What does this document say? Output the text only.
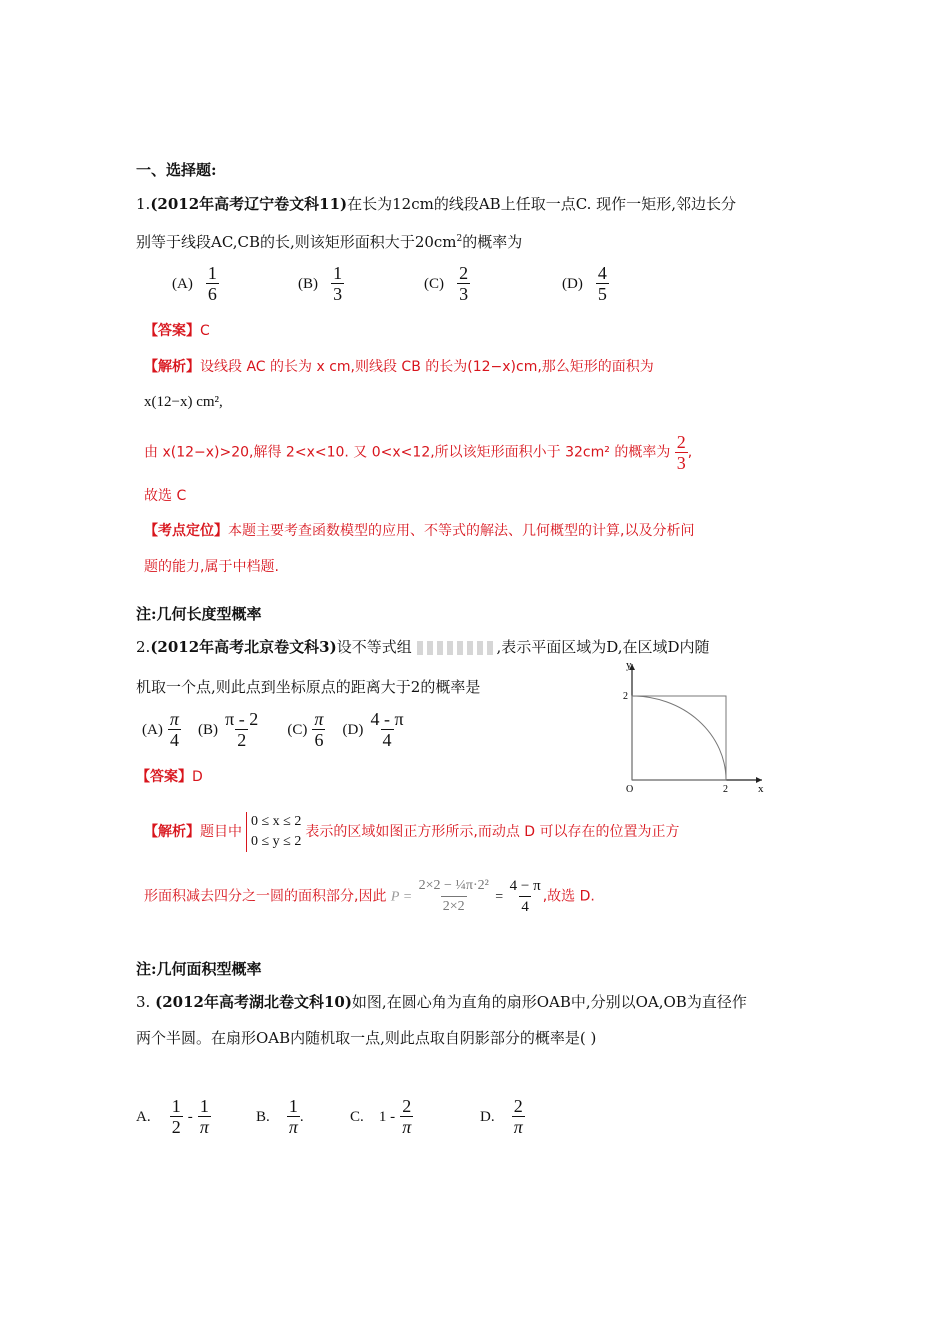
一、选择题:
1.(2012年高考辽宁卷文科11)在长为12cm的线段AB上任取一点C. 现作一矩形,邻边长分
别等于线段AC,CB的长,则该矩形面积大于$20cm^2$的概率为
$(A) \frac{1}{6}$	$(B) \frac{1}{3}$	$(C) \frac{2}{3}$	$(D) \frac{4}{5}$
【答案】C
【解析】设线段 AC 的长为 x cm,则线段 CB 的长为(12−x)cm,那么矩形的面积为
x(12−x) cm²,
由 x(12−x)>20,解得 2<x<10. 又 0<x<12,所以该矩形面积小于 32cm² 的概率为 $\frac{2}{3}$ ,
故选 C
【考点定位】本题主要考查函数模型的应用、不等式的解法、几何概型的计算,以及分析问
题的能力,属于中档题.
注:几何长度型概率
2.(2012年高考北京卷文科3)设不等式组	,表示平面区域为D,在区域D内随
机取一个点,则此点到坐标原点的距离大于2的概率是
$(A) \frac{\pi}{4} (B) \frac{\pi - 2}{2} (C) \frac{\pi}{6} (D) \frac{4 - \pi}{4}$
【答案】D
y
x
O
2
2
【解析】题目中
0 ≤ x ≤ 2
0 ≤ y ≤ 2
表示的区域如图正方形所示,而动点 D 可以存在的位置为正方
形面积减去四分之一圆的面积部分,因此 $P = \frac{\text{2×2 − ¼π·2²}}{2\times 2} = \frac{4 - \pi}{4}$ ,故选 D.
注:几何面积型概率
3. (2012年高考湖北卷文科10)如图,在圆心角为直角的扇形OAB中,分别以OA,OB为直径作
两个半圆。在扇形OAB内随机取一点,则此点取自阴影部分的概率是( )
A. $\frac{1}{2} - \frac{1}{\pi}$	B. $\frac{1}{\pi}$ .	C. $1 - \frac{2}{\pi}$	D. $\frac{2}{\pi}$
